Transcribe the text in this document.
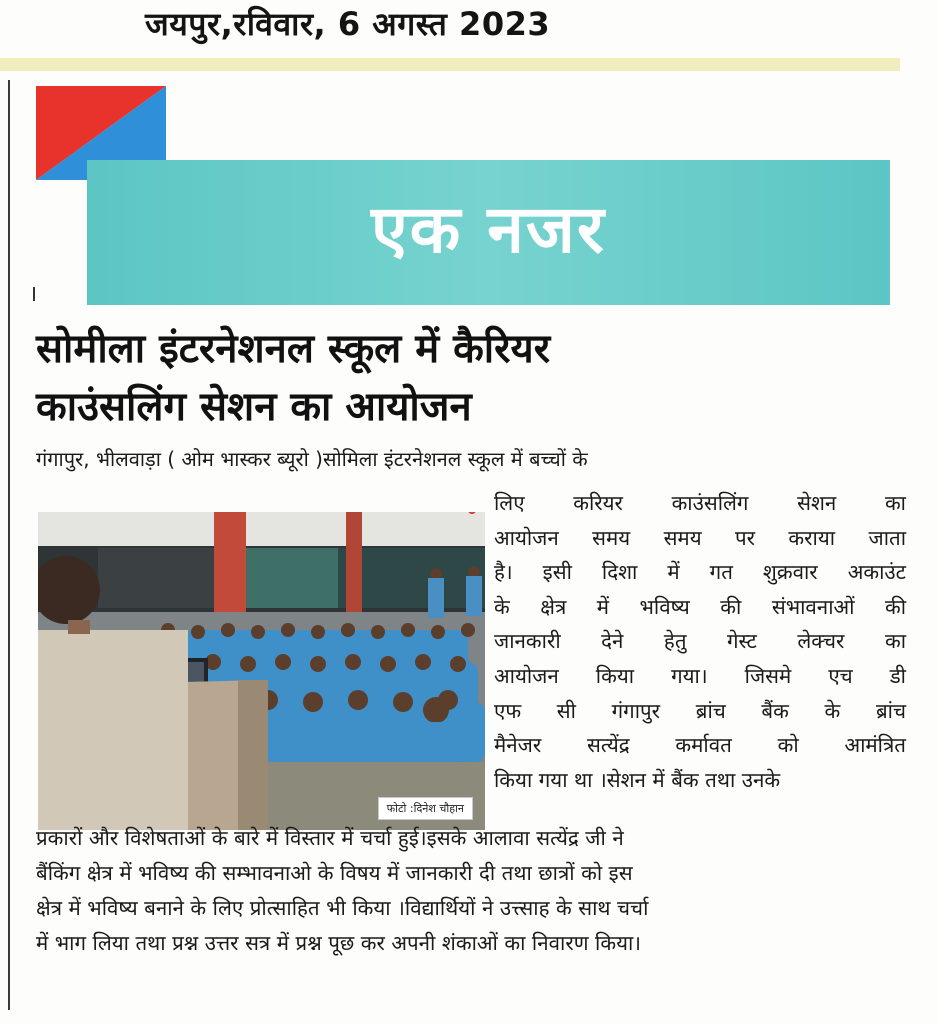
जयपुर,रविवार, 6 अगस्त 2023
एक नजर
सोमीला इंटरनेशनल स्कूल में कैरियर
काउंसलिंग सेशन का आयोजन
गंगापुर, भीलवाड़ा ( ओम भास्कर ब्यूरो )सोमिला इंटरनेशनल स्कूल में बच्चों के
फोटो :दिनेश चौहान
लिए करियर काउंसलिंग सेशन का
आयोजन समय समय पर कराया जाता
है। इसी दिशा में गत शुक्रवार अकाउंट
के क्षेत्र में भविष्य की संभावनाओं की
जानकारी देने हेतु गेस्ट लेक्चर का
आयोजन किया गया। जिसमे एच डी
एफ सी गंगापुर ब्रांच बैंक के ब्रांच
मैनेजर सत्येंद्र कर्मावत को आमंत्रित
किया गया था ।सेशन में बैंक तथा उनके
प्रकारों और विशेषताओं के बारे में विस्तार में चर्चा हुई।इसके आलावा सत्येंद्र जी ने
बैंकिंग क्षेत्र में भविष्य की सम्भावनाओ के विषय में जानकारी दी तथा छात्रों को इस
क्षेत्र में भविष्य बनाने के लिए प्रोत्साहित भी किया ।विद्यार्थियों ने उत्त्साह के साथ चर्चा
में भाग लिया तथा प्रश्न उत्तर सत्र में प्रश्न पूछ कर अपनी शंकाओं का निवारण किया।
